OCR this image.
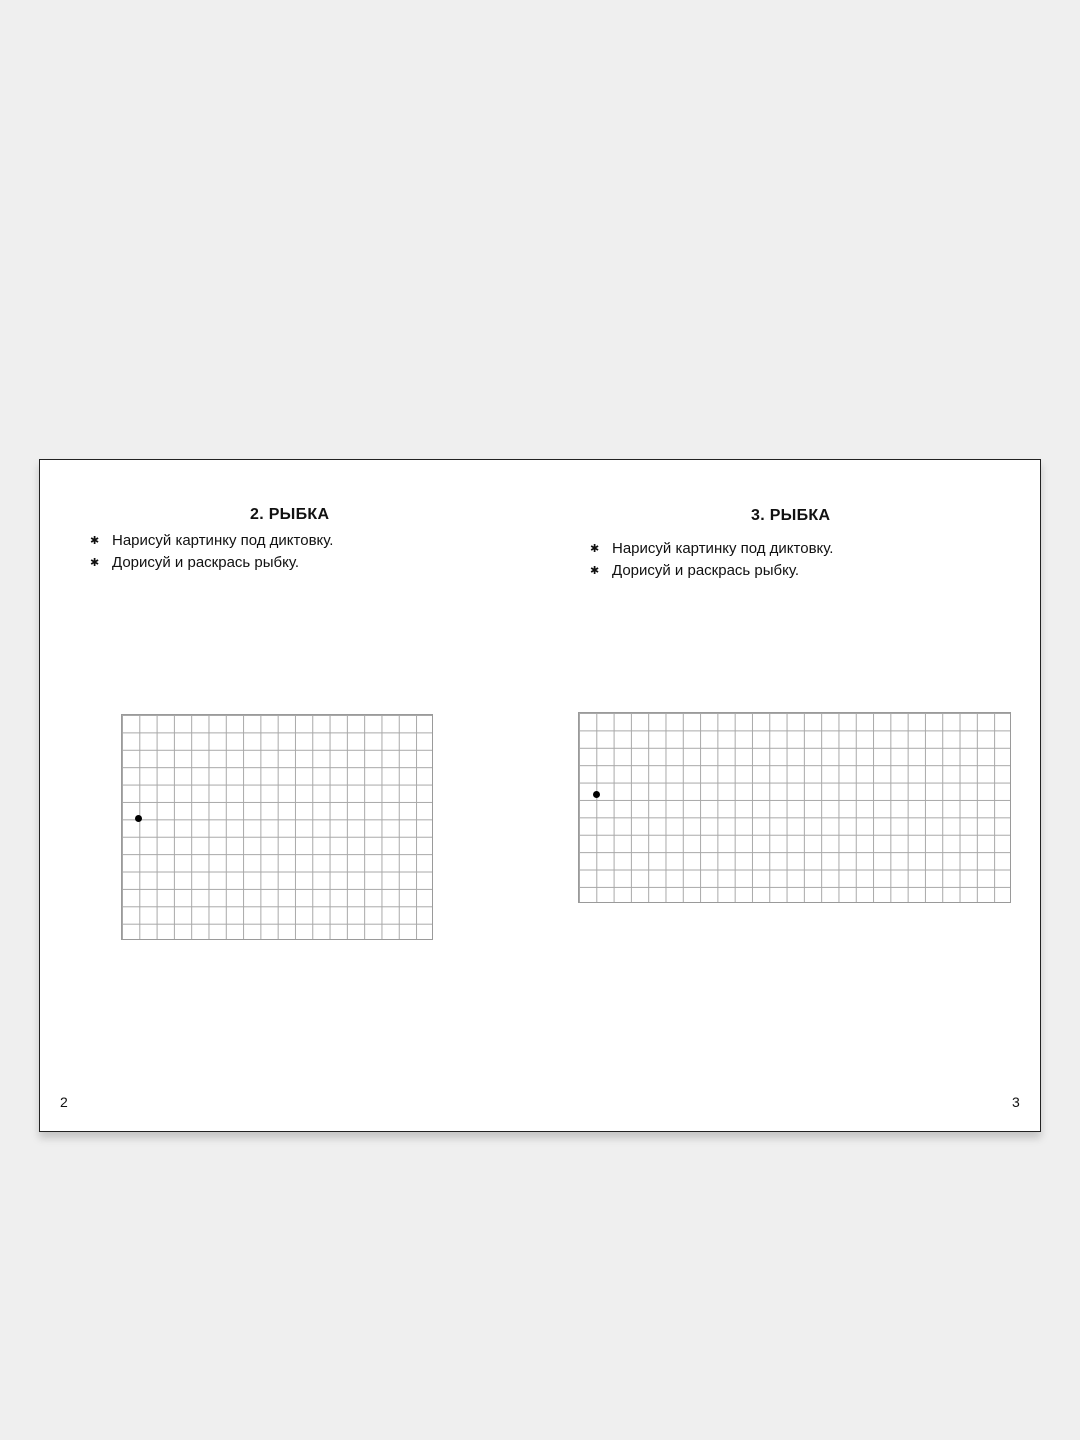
2. РЫБКА
✱ Нарисуй картинку под диктовку.
✱ Дорисуй и раскрась рыбку.
2
3. РЫБКА
✱ Нарисуй картинку под диктовку.
✱ Дорисуй и раскрась рыбку.
3
